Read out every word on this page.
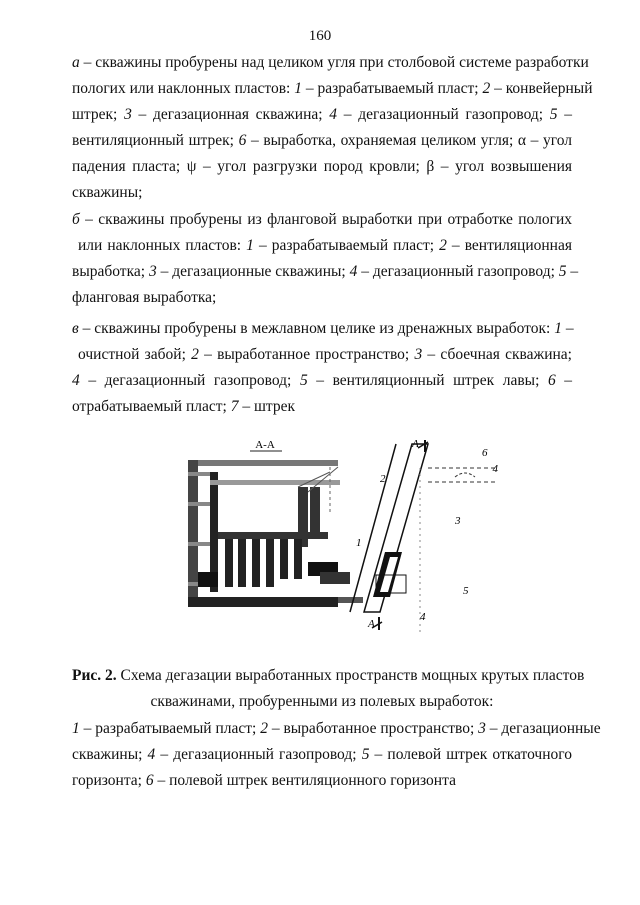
160
а – скважины пробурены над целиком угля при столбовой системе разработки
пологих или наклонных пластов: 1 – разрабатываемый пласт; 2 – конвейерный
штрек; 3 – дегазационная скважина; 4 – дегазационный газопровод; 5 –
вентиляционный штрек; 6 – выработка, охраняемая целиком угля; α – угол
падения пласта; ψ – угол разгрузки пород кровли; β – угол возвышения
скважины;
б – скважины пробурены из фланговой выработки при отработке пологих
или наклонных пластов: 1 – разрабатываемый пласт; 2 – вентиляционная
выработка; 3 – дегазационные скважины; 4 – дегазационный газопровод; 5 –
фланговая выработка;
в – скважины пробурены в межлавном целике из дренажных выработок: 1 –
очистной забой; 2 – выработанное пространство; 3 – сбоечная скважина;
4 – дегазационный газопровод; 5 – вентиляционный штрек лавы; 6 –
отрабатываемый пласт; 7 – штрек
А-А	А
А
1
2
3
4
5
6
4
Рис. 2. Схема дегазации выработанных пространств мощных крутых пластов
скважинами, пробуренными из полевых выработок:
1 – разрабатываемый пласт; 2 – выработанное пространство; 3 – дегазационные
скважины; 4 – дегазационный газопровод; 5 – полевой штрек откаточного
горизонта; 6 – полевой штрек вентиляционного горизонта
